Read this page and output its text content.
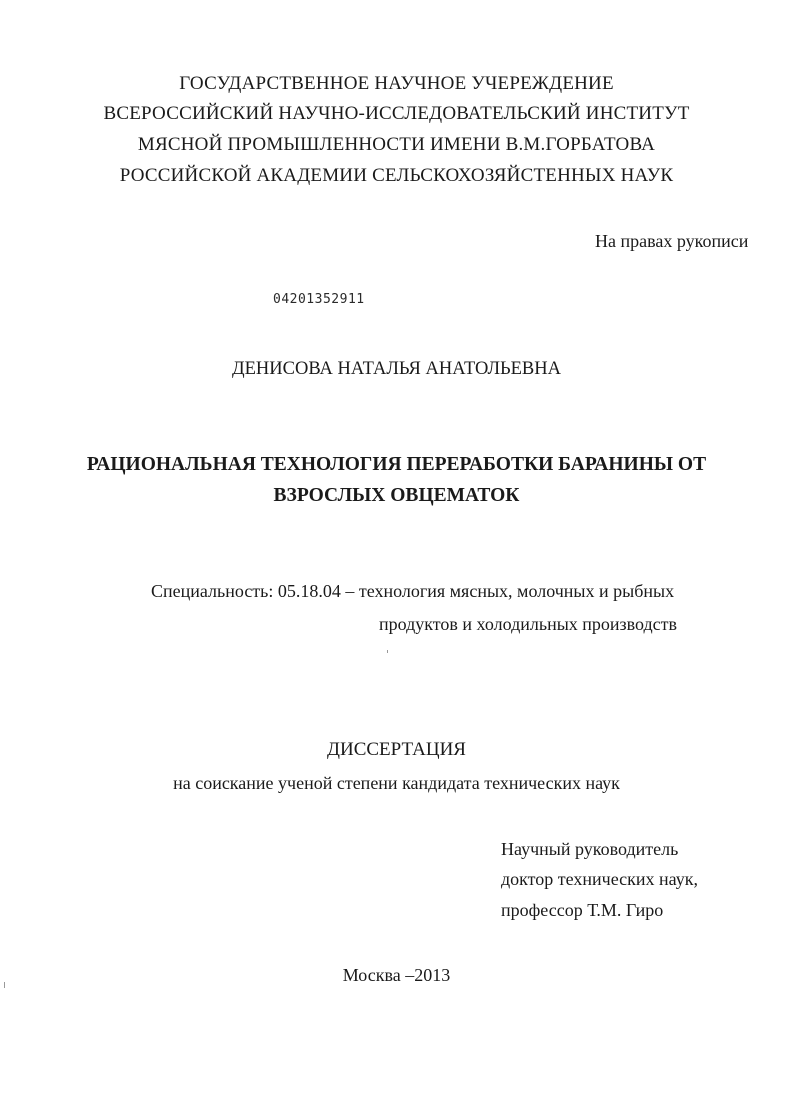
ГОСУДАРСТВЕННОЕ НАУЧНОЕ УЧЕРЕЖДЕНИЕ
ВСЕРОССИЙСКИЙ НАУЧНО-ИССЛЕДОВАТЕЛЬСКИЙ ИНСТИТУТ
МЯСНОЙ ПРОМЫШЛЕННОСТИ ИМЕНИ В.М.ГОРБАТОВА
РОССИЙСКОЙ АКАДЕМИИ СЕЛЬСКОХОЗЯЙСТЕННЫХ НАУК
На правах рукописи
04201352911
ДЕНИСОВА НАТАЛЬЯ АНАТОЛЬЕВНА
РАЦИОНАЛЬНАЯ ТЕХНОЛОГИЯ ПЕРЕРАБОТКИ БАРАНИНЫ ОТ
ВЗРОСЛЫХ ОВЦЕМАТОК
Специальность: 05.18.04 – технология мясных, молочных и рыбных
продуктов и холодильных производств
ДИССЕРТАЦИЯ
на соискание ученой степени кандидата технических наук
Научный руководитель
доктор технических наук,
профессор Т.М. Гиро
Москва –2013
